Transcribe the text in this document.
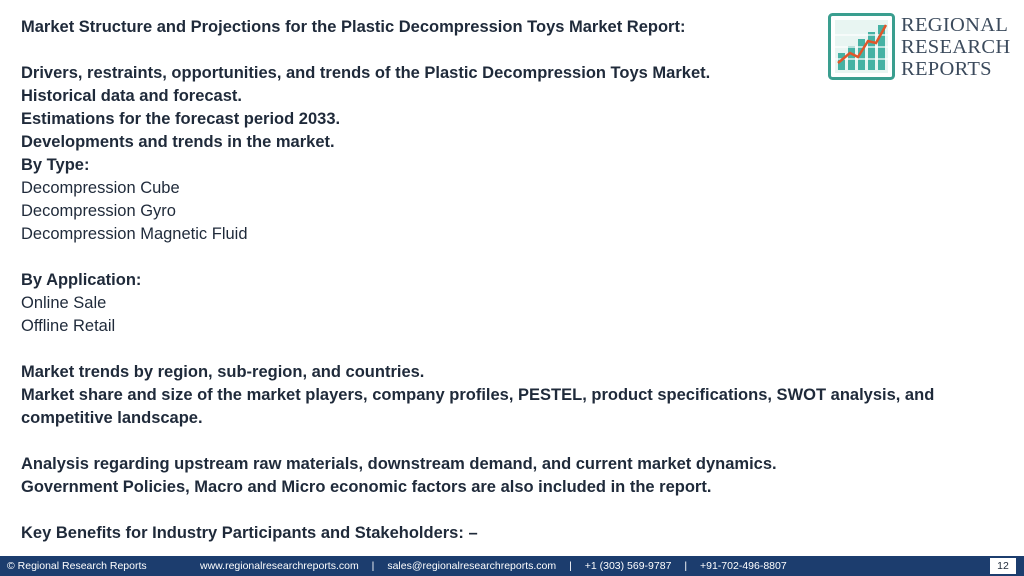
Market Structure and Projections for the Plastic Decompression Toys Market Report:
Drivers, restraints, opportunities, and trends of the Plastic Decompression Toys Market.
Historical data and forecast.
Estimations for the forecast period 2033.
Developments and trends in the market.
By Type:
Decompression Cube
Decompression Gyro
Decompression Magnetic Fluid
By Application:
Online Sale
Offline Retail
Market trends by region, sub-region, and countries.
Market share and size of the market players, company profiles, PESTEL, product specifications, SWOT analysis, and competitive landscape.
Analysis regarding upstream raw materials, downstream demand, and current market dynamics.
Government Policies, Macro and Micro economic factors are also included in the report.
Key Benefits for Industry Participants and Stakeholders: –
REGIONAL
RESEARCH
REPORTS
© Regional Research Reports	www.regionalresearchreports.com | sales@regionalresearchreports.com | +1 (303) 569-9787 | +91-702-496-8807	12
